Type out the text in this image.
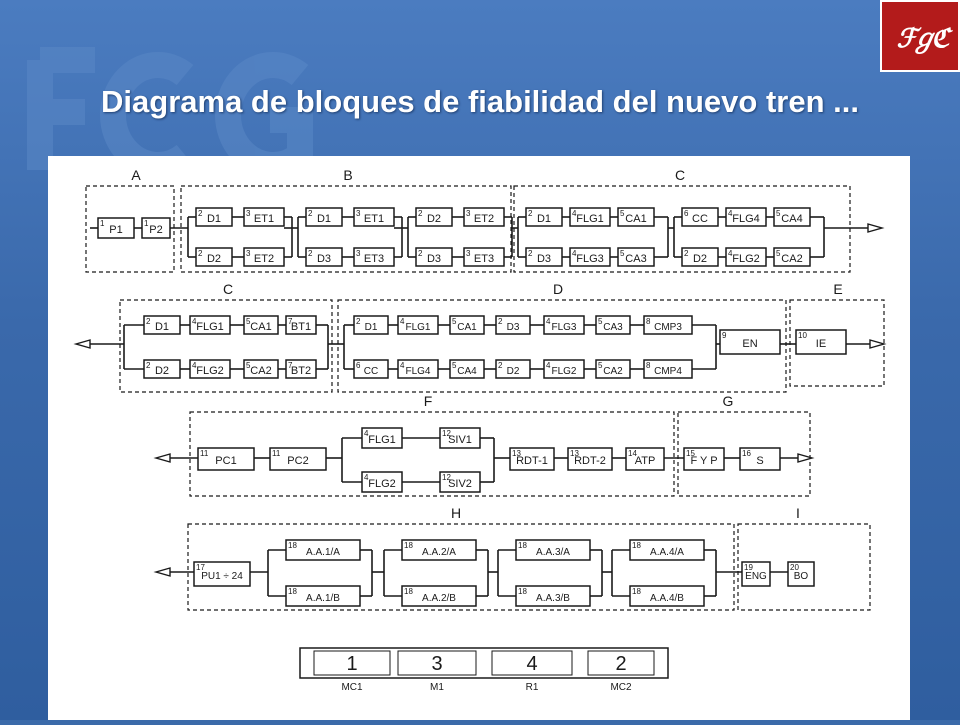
Diagrama de bloques de fiabilidad del nuevo tren ...
ℱℊℭ
1
P1
1
P2
2 D1	3 ET1
2 D2	3 ET2
2 D1	3 ET1
2 D3	3 ET3
2 D2	3 ET2
2 D3	3 ET3
2 D1
2 D3
4 FLG1
4 FLG3
5 CA1
5 CA3
6 CC
2 D2
4 FLG4
4 FLG2
5 CA4
5 CA2
2 D1
2 D2
4 FLG1
4 FLG2
5 CA1
5 CA2
7
BT1
7
BT2
2
D1
6
CC
4
FLG1
4
FLG4
5
CA1
5
CA4
2
D3
2
D2
4
FLG3
4
FLG2
5
CA3
5
CA2
8
CMP3
8
CMP4
9
EN
10
IE
11
PC1
11
PC2
4
FLG1
12
SIV1
4
FLG2
12
SIV2
13
RDT-1
13
RDT-2
14
ATP
15
F Y P
16
S
17
PU1 ÷ 24
18
A.A.1/A
18
A.A.1/B
18
A.A.2/A
18
A.A.2/B
18
A.A.3/A
18
A.A.3/B
18
A.A.4/A
18
A.A.4/B
19
ENG
20
BO
1
MC1
3
M1
4
R1
2
MC2
A	B	C
C	D	E
F	G
H	I
